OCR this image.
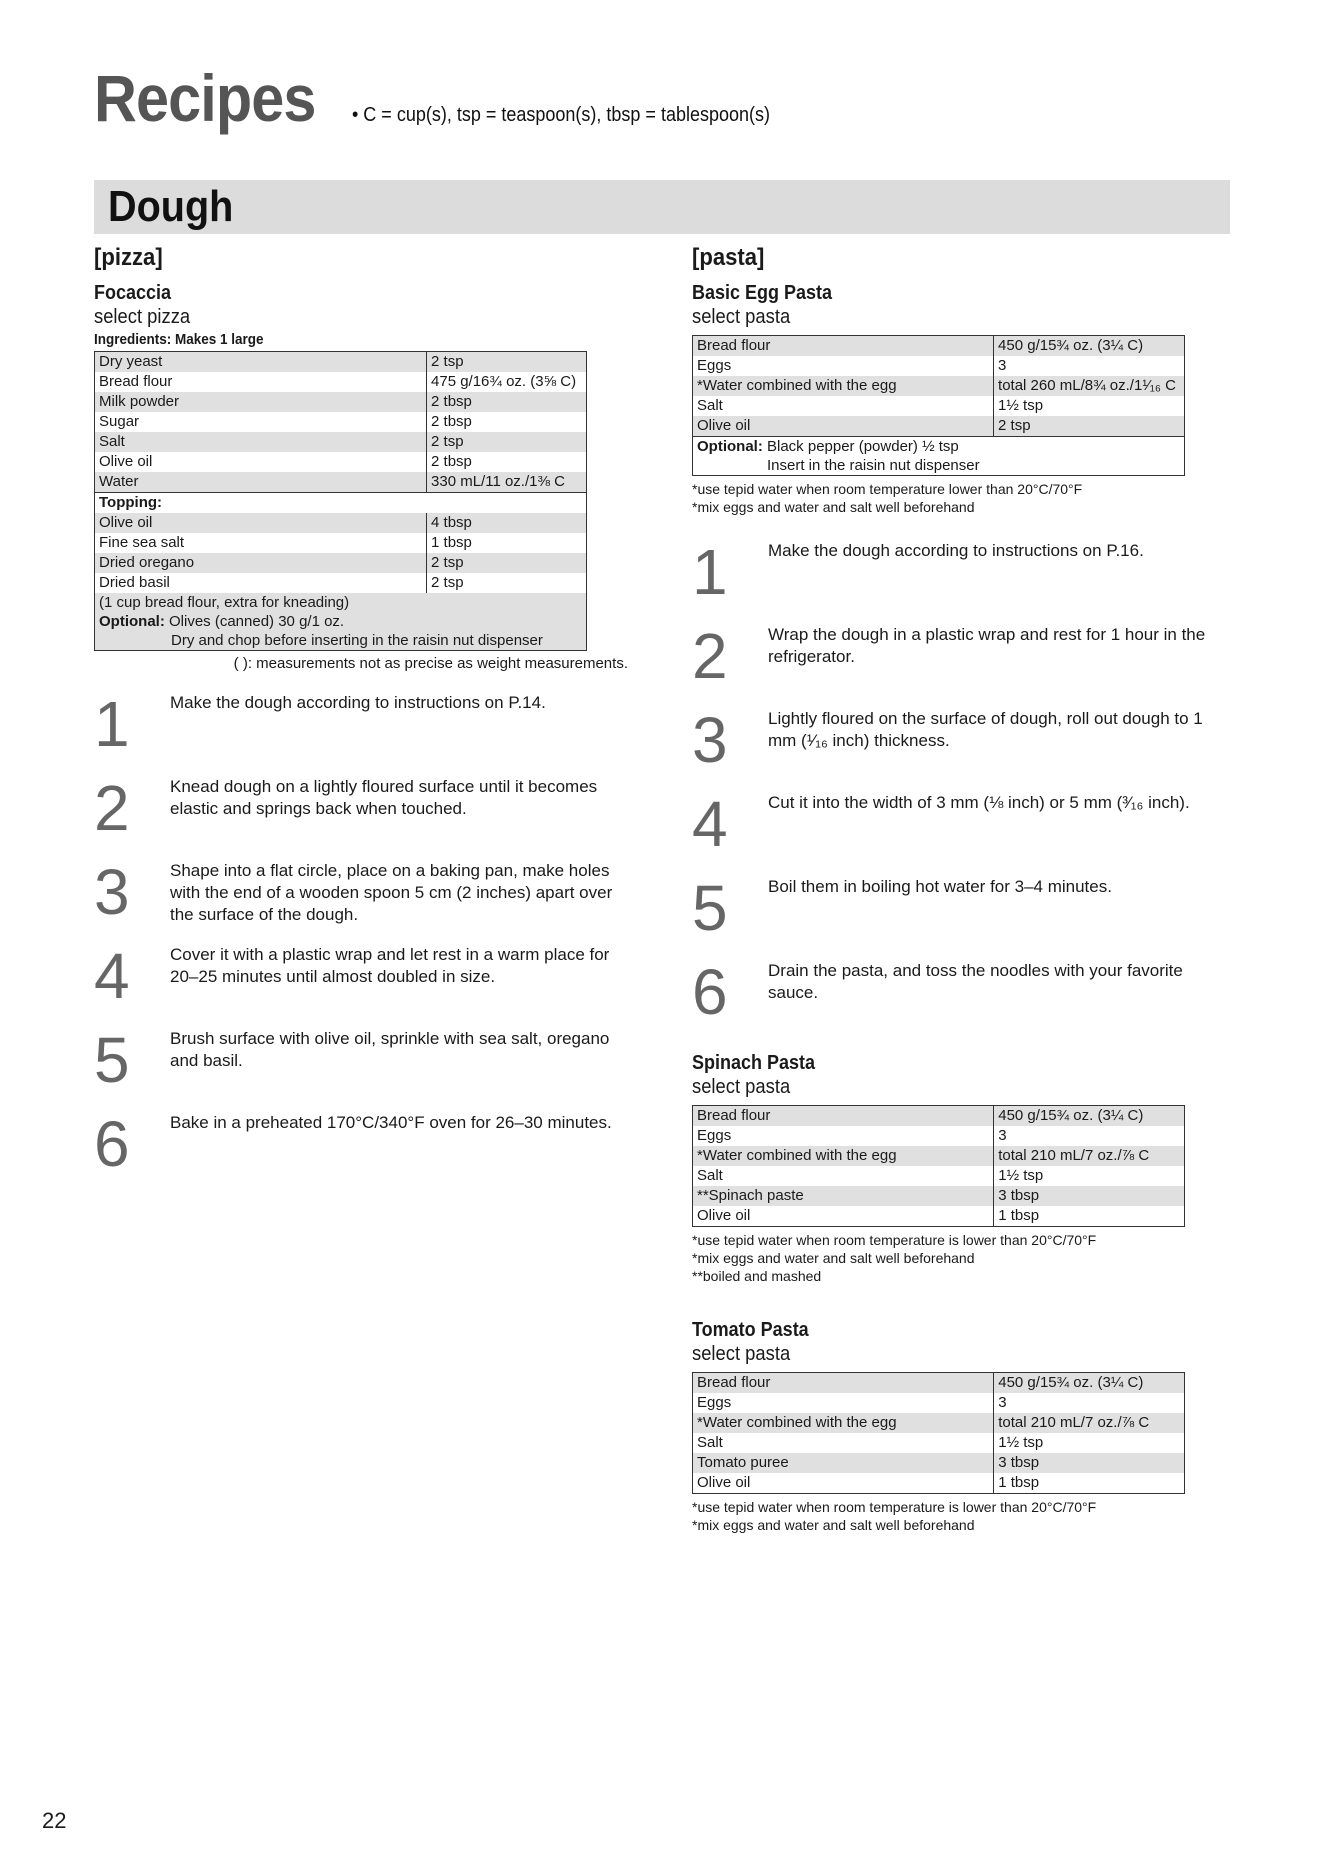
Recipes • C = cup(s), tsp = teaspoon(s), tbsp = tablespoon(s)
Dough
[pizza]
Focaccia
select pizza
Ingredients: Makes 1 large
Dry yeast	2 tsp
Bread flour	475 g/16¾ oz. (3⅝ C)
Milk powder	2 tbsp
Sugar	2 tbsp
Salt	2 tsp
Olive oil	2 tbsp
Water	330 mL/11 oz./1⅜ C
Topping:	
Olive oil	4 tbsp
Fine sea salt	1 tbsp
Dried oregano	2 tsp
Dried basil	2 tsp

(1 cup bread flour, extra for kneading)
Optional: Olives (canned) 30 g/1 oz.
Dry and chop before inserting in the raisin nut dispenser	
( ): measurements not as precise as weight measurements.
1	Make the dough according to instructions on P.14.
2	Knead dough on a lightly floured surface until it becomes elastic and springs back when touched.
3	Shape into a flat circle, place on a baking pan, make holes with the end of a wooden spoon 5 cm (2 inches) apart over the surface of the dough.
4	Cover it with a plastic wrap and let rest in a warm place for 20–25 minutes until almost doubled in size.
5	Brush surface with olive oil, sprinkle with sea salt, oregano and basil.
6	Bake in a preheated 170°C/340°F oven for 26–30 minutes.
[pasta]
Basic Egg Pasta
select pasta
Bread flour	450 g/15¾ oz. (3¼ C)
Eggs	3
*Water combined with the egg	total 260 mL/8¾ oz./1¹⁄₁₆ C
Salt	1½ tsp
Olive oil	2 tsp

Optional: Black pepper (powder) ½ tsp
Insert in the raisin nut dispenser	
*use tepid water when room temperature lower than 20°C/70°F
*mix eggs and water and salt well beforehand
1	Make the dough according to instructions on P.16.
2	Wrap the dough in a plastic wrap and rest for 1 hour in the refrigerator.
3	Lightly floured on the surface of dough, roll out dough to 1 mm (¹⁄₁₆ inch) thickness.
4	Cut it into the width of 3 mm (⅛ inch) or 5 mm (³⁄₁₆ inch).
5	Boil them in boiling hot water for 3–4 minutes.
6	Drain the pasta, and toss the noodles with your favorite sauce.
Spinach Pasta
select pasta
Bread flour	450 g/15¾ oz. (3¼ C)
Eggs	3
*Water combined with the egg	total 210 mL/7 oz./⅞ C
Salt	1½ tsp
**Spinach paste	3 tbsp
Olive oil	1 tbsp
*use tepid water when room temperature is lower than 20°C/70°F
*mix eggs and water and salt well beforehand
**boiled and mashed
Tomato Pasta
select pasta
Bread flour	450 g/15¾ oz. (3¼ C)
Eggs	3
*Water combined with the egg	total 210 mL/7 oz./⅞ C
Salt	1½ tsp
Tomato puree	3 tbsp
Olive oil	1 tbsp
*use tepid water when room temperature is lower than 20°C/70°F
*mix eggs and water and salt well beforehand
22
